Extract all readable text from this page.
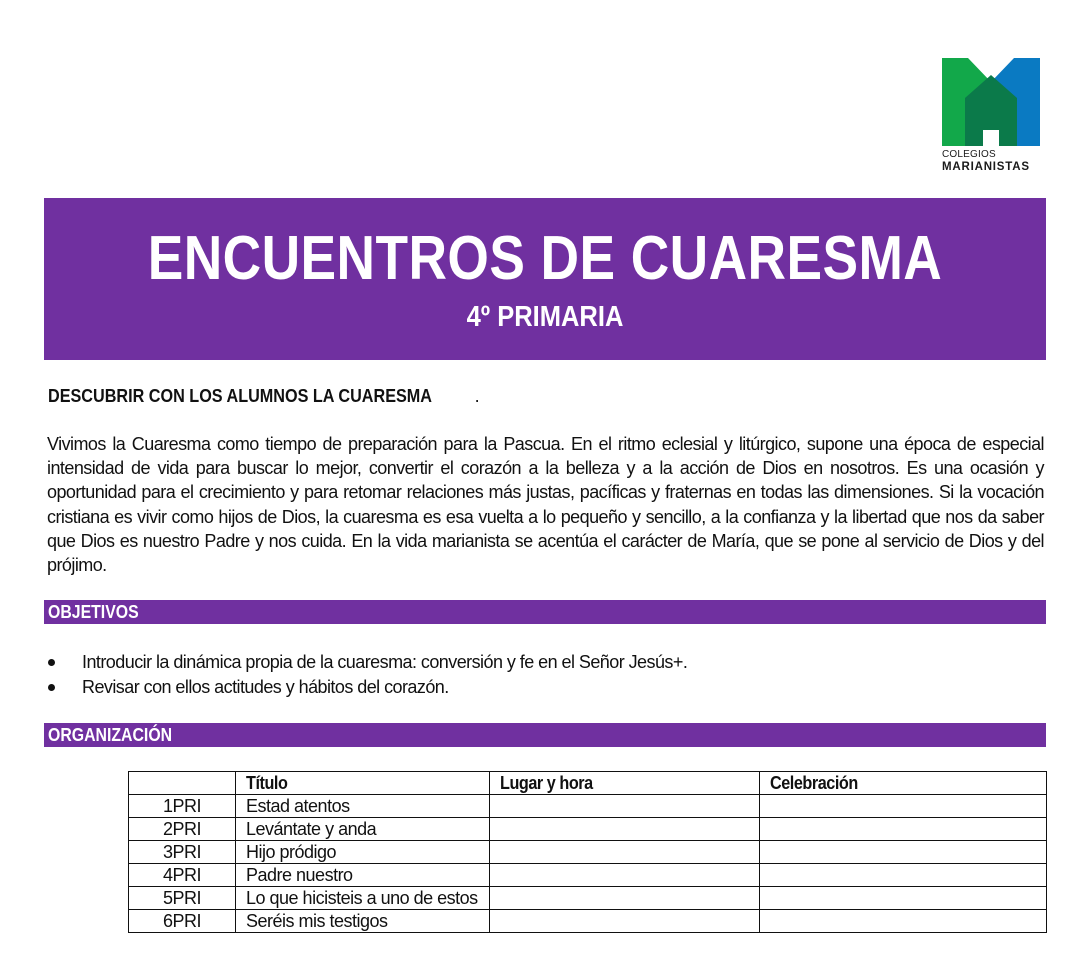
COLEGIOS
MARIANISTAS
ENCUENTROS DE CUARESMA
4º PRIMARIA
DESCUBRIR CON LOS ALUMNOS LA CUARESMA .
Vivimos la Cuaresma como tiempo de preparación para la Pascua. En el ritmo eclesial y litúrgico, supone una época de especial intensidad de vida para buscar lo mejor, convertir el corazón a la belleza y a la acción de Dios en nosotros. Es una ocasión y oportunidad para el crecimiento y para retomar relaciones más justas, pacíficas y fraternas en todas las dimensiones. Si la vocación cristiana es vivir como hijos de Dios, la cuaresma es esa vuelta a lo pequeño y sencillo, a la confianza y la libertad que nos da saber que Dios es nuestro Padre y nos cuida. En la vida marianista se acentúa el carácter de María, que se pone al servicio de Dios y del prójimo.
OBJETIVOS
Introducir la dinámica propia de la cuaresma: conversión y fe en el Señor Jesús+.
Revisar con ellos actitudes y hábitos del corazón.
ORGANIZACIÓN
	Título	Lugar y hora	Celebración
1PRI	Estad atentos		
2PRI	Levántate y anda		
3PRI	Hijo pródigo		
4PRI	Padre nuestro		
5PRI	Lo que hicisteis a uno de estos		
6PRI	Seréis mis testigos		
